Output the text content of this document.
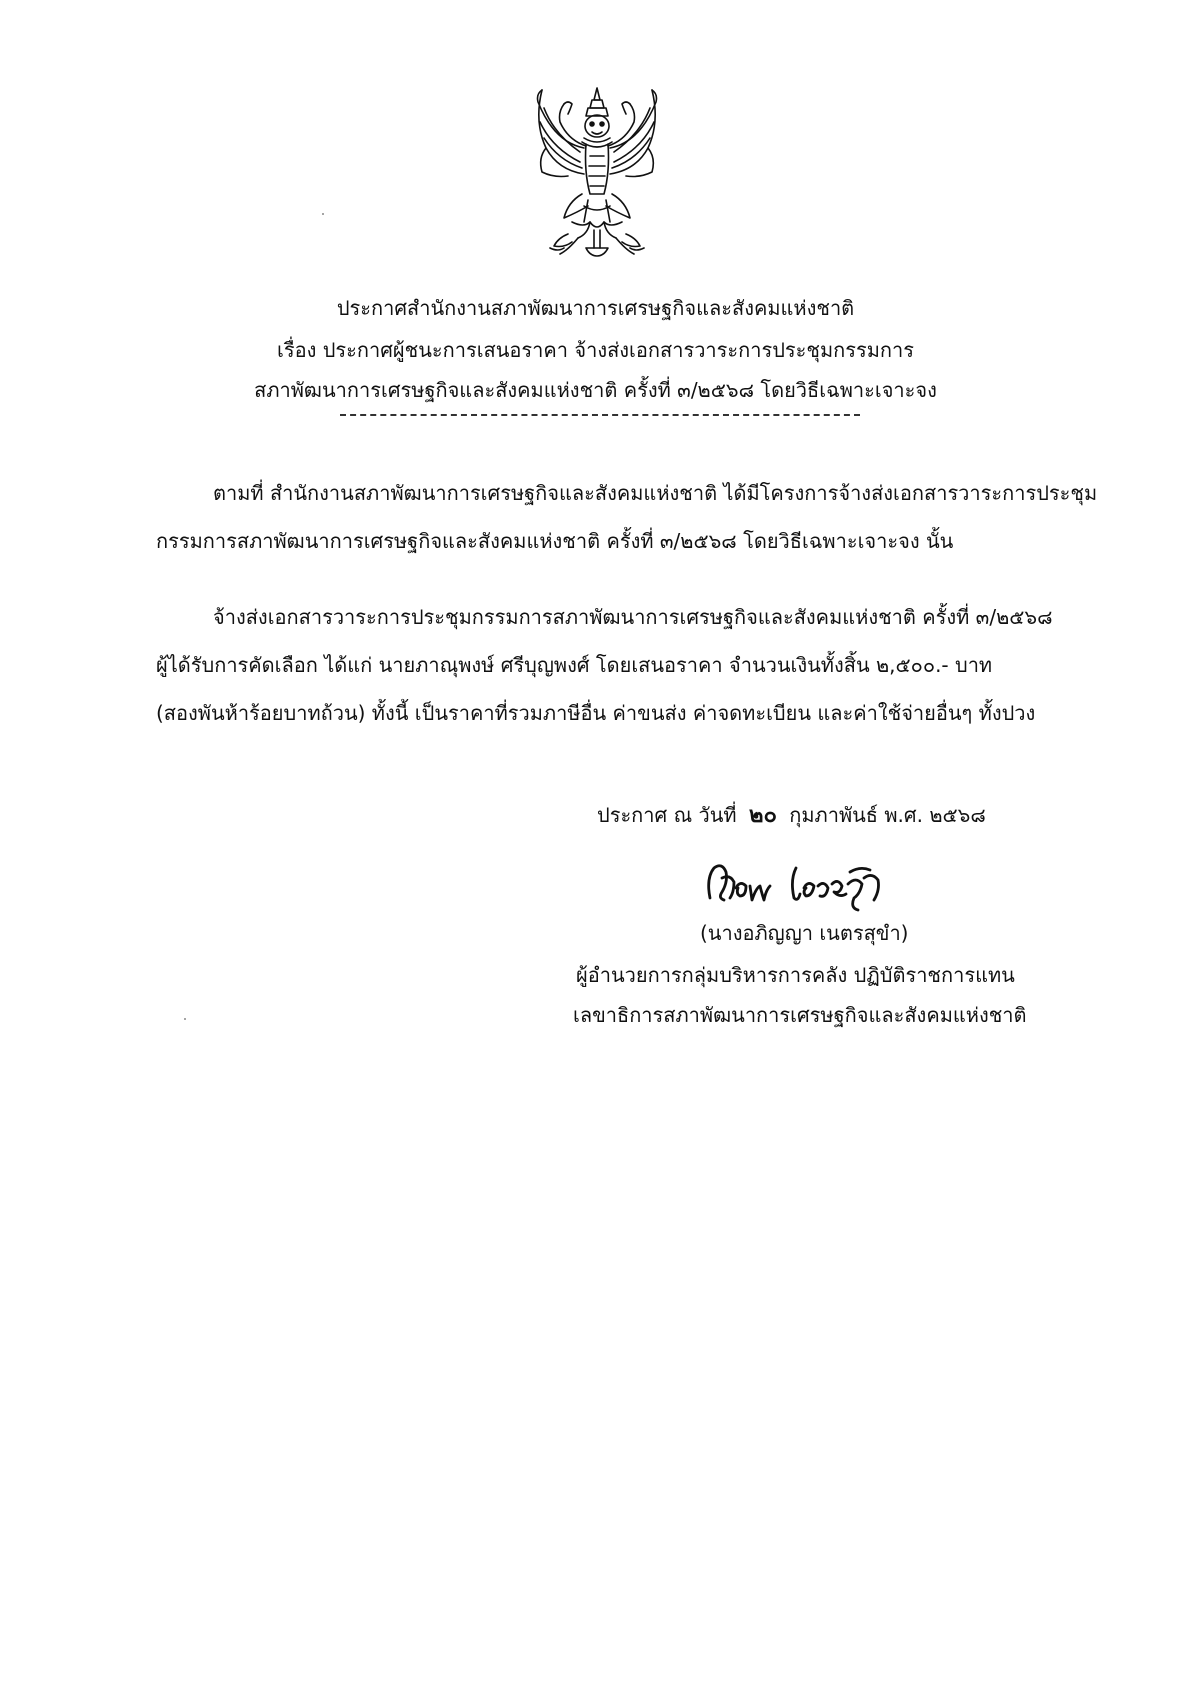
ประกาศสำนักงานสภาพัฒนาการเศรษฐกิจและสังคมแห่งชาติ
เรื่อง ประกาศผู้ชนะการเสนอราคา จ้างส่งเอกสารวาระการประชุมกรรมการ
สภาพัฒนาการเศรษฐกิจและสังคมแห่งชาติ ครั้งที่ ๓/๒๕๖๘ โดยวิธีเฉพาะเจาะจง
ตามที่ สำนักงานสภาพัฒนาการเศรษฐกิจและสังคมแห่งชาติ ได้มีโครงการจ้างส่งเอกสารวาระการประชุม
กรรมการสภาพัฒนาการเศรษฐกิจและสังคมแห่งชาติ ครั้งที่ ๓/๒๕๖๘ โดยวิธีเฉพาะเจาะจง นั้น
จ้างส่งเอกสารวาระการประชุมกรรมการสภาพัฒนาการเศรษฐกิจและสังคมแห่งชาติ ครั้งที่ ๓/๒๕๖๘
ผู้ได้รับการคัดเลือก ได้แก่ นายภาณุพงษ์ ศรีบุญพงศ์ โดยเสนอราคา จำนวนเงินทั้งสิ้น ๒,๕๐๐.- บาท
(สองพันห้าร้อยบาทถ้วน) ทั้งนี้ เป็นราคาที่รวมภาษีอื่น ค่าขนส่ง ค่าจดทะเบียน และค่าใช้จ่ายอื่นๆ ทั้งปวง
ประกาศ ณ วันที่ ๒๐ กุมภาพันธ์ พ.ศ. ๒๕๖๘
(นางอภิญญา เนตรสุขำ)
ผู้อำนวยการกลุ่มบริหารการคลัง ปฏิบัติราชการแทน
เลขาธิการสภาพัฒนาการเศรษฐกิจและสังคมแห่งชาติ
